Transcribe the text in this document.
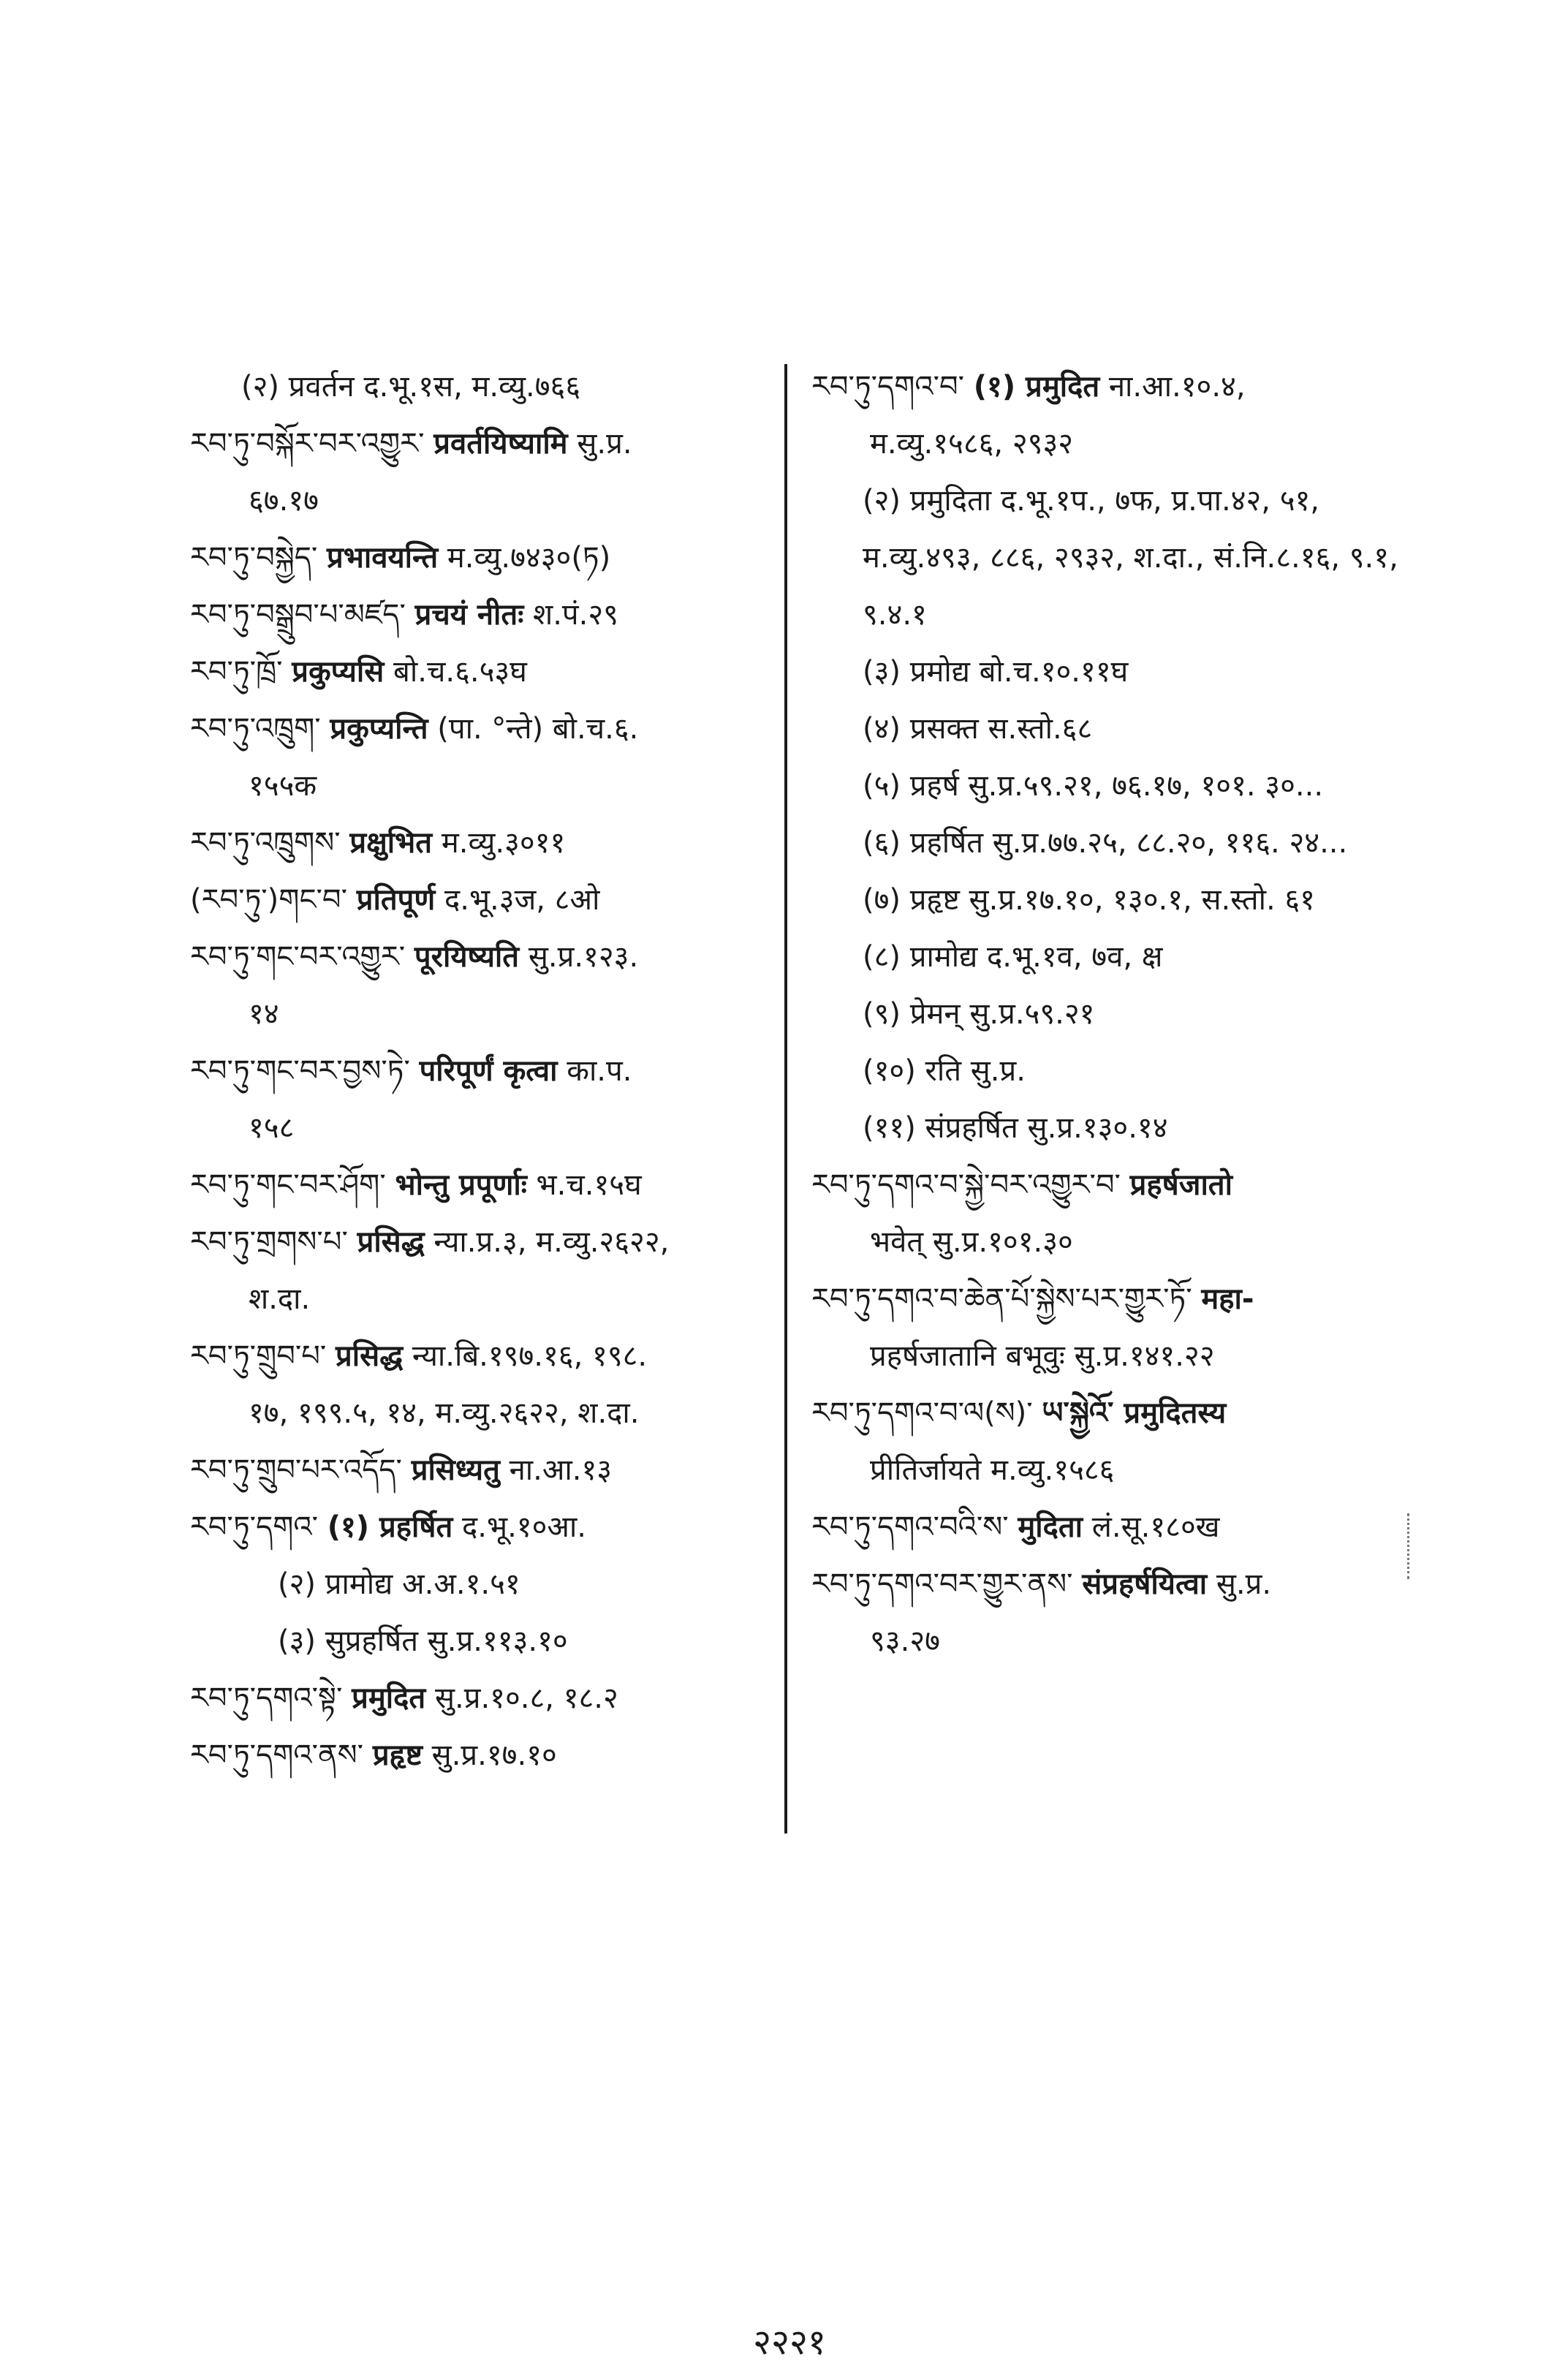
(२) प्रवर्तन द.भू.१स, म.व्यु.७६६
རབ་ཏུ་བསྐོར་བར་འགྱུར་ प्रवर्तयिष्यामि सु.प्र.
६७.१७
རབ་ཏུ་བསྐྱེད་ प्रभावयन्ति म.व्यु.७४३०(ཏ)
རབ་ཏུ་བསྒྲུབ་པ་མཛད་ प्रचयं नीतः श.पं.२९
རབ་ཏུ་ཁྲོ་ प्रकुप्यसि बो.च.६.५३घ
རབ་ཏུ་འཁྲུག་ प्रकुप्यन्ति (पा. °न्ते) बो.च.६.
१५५क
རབ་ཏུ་འཁྲུགས་ प्रक्षुभित म.व्यु.३०११
(རབ་ཏུ་)གང་བ་ प्रतिपूर्ण द.भू.३ज, ८ओ
རབ་ཏུ་གང་བར་འགྱུར་ पूरयिष्यति सु.प्र.१२३.
१४
རབ་ཏུ་གང་བར་བྱས་ཏེ་ परिपूर्णं कृत्वा का.प.
१५८
རབ་ཏུ་གང་བར་ཤོག་ भोन्तु प्रपूर्णाः भ.च.१५घ
རབ་ཏུ་གྲགས་པ་ प्रसिद्ध न्या.प्र.३, म.व्यु.२६२२,
श.दा.
རབ་ཏུ་གྲུབ་པ་ प्रसिद्ध न्या.बि.१९७.१६, १९८.
१७, १९९.५, १४, म.व्यु.२६२२, श.दा.
རབ་ཏུ་གྲུབ་པར་འདོད་ प्रसिध्यतु ना.आ.१३
རབ་ཏུ་དགའ་ (१) प्रहर्षित द.भू.१०आ.
(२) प्रामोद्य अ.अ.१.५१
(३) सुप्रहर्षित सु.प्र.११३.१०
རབ་ཏུ་དགའ་སྟེ་ प्रमुदित सु.प्र.१०.८, १८.२
རབ་ཏུ་དགའ་ནས་ प्रहृष्ट सु.प्र.१७.१०
རབ་ཏུ་དགའ་བ་ (१) प्रमुदित ना.आ.१०.४,
म.व्यु.१५८६, २९३२
(२) प्रमुदिता द.भू.१प., ७फ, प्र.पा.४२, ५१, म.व्यु.४९३, ८८६, २९३२, श.दा., सं.नि.८.१६, ९.१, ९.४.१
(३) प्रमोद्य बो.च.१०.११घ
(४) प्रसक्त स.स्तो.६८
(५) प्रहर्ष सु.प्र.५९.२१, ७६.१७, १०१. ३०...
(६) प्रहर्षित सु.प्र.७७.२५, ८८.२०, ११६. २४...
(७) प्रहृष्ट सु.प्र.१७.१०, १३०.१, स.स्तो. ६१
(८) प्रामोद्य द.भू.१व, ७व, क्ष
(९) प्रेमन् सु.प्र.५९.२१
(१०) रति सु.प्र.
(११) संप्रहर्षित सु.प्र.१३०.१४
རབ་ཏུ་དགའ་བ་སྐྱེ་བར་འགྱུར་བ་ प्रहर्षजातो
भवेत् सु.प्र.१०१.३०
རབ་ཏུ་དགའ་བ་ཆེན་པོ་སྐྱེས་པར་གྱུར་ཏོ་ महा-
प्रहर्षजातानि बभूवुः सु.प्र.१४१.२२
རབ་ཏུ་དགའ་བ་ལ(ས)་ ཡ་སྐྱེའོ་ प्रमुदितस्य
प्रीतिर्जायते म.व्यु.१५८६
རབ་ཏུ་དགའ་བའི་ས་ मुदिता लं.सू.१८०ख
རབ་ཏུ་དགའ་བར་གྱུར་ནས་ संप्रहर्षयित्वा सु.प्र.
९३.२७
२२२१
